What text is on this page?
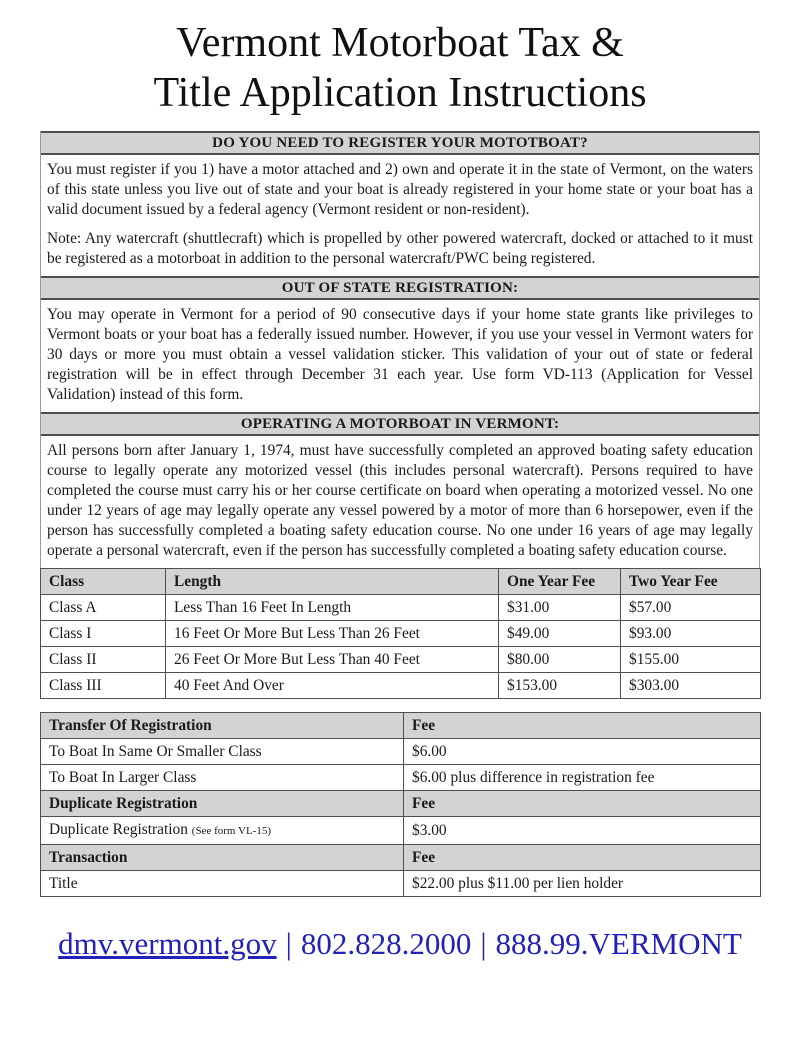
Vermont Motorboat Tax &
Title Application Instructions
DO YOU NEED TO REGISTER YOUR MOTOTBOAT?

You must register if you 1) have a motor attached and 2) own and operate it in the state of Vermont, on the waters of this state unless you live out of state and your boat is already registered in your home state or your boat has a valid document issued by a federal agency (Vermont resident or non-resident).

Note: Any watercraft (shuttlecraft) which is propelled by other powered watercraft, docked or attached to it must be registered as a motorboat in addition to the personal watercraft/PWC being registered.

OUT OF STATE REGISTRATION:

You may operate in Vermont for a period of 90 consecutive days if your home state grants like privileges to Vermont boats or your boat has a federally issued number. However, if you use your vessel in Vermont waters for 30 days or more you must obtain a vessel validation sticker. This validation of your out of state or federal registration will be in effect through December 31 each year. Use form VD-113 (Application for Vessel Validation) instead of this form.

OPERATING A MOTORBOAT IN VERMONT:

All persons born after January 1, 1974, must have successfully completed an approved boating safety education course to legally operate any motorized vessel (this includes personal watercraft). Persons required to have completed the course must carry his or her course certificate on board when operating a motorized vessel. No one under 12 years of age may legally operate any vessel powered by a motor of more than 6 horsepower, even if the person has successfully completed a boating safety education course. No one under 16 years of age may legally operate a personal watercraft, even if the person has successfully completed a boating safety education course.

Class	Length	One Year Fee	Two Year Fee
Class A	Less Than 16 Feet In Length	$31.00	$57.00
Class I	16 Feet Or More But Less Than 26 Feet	$49.00	$93.00
Class II	26 Feet Or More But Less Than 40 Feet	$80.00	$155.00
Class III	40 Feet And Over	$153.00	$303.00
Transfer Of Registration	Fee
To Boat In Same Or Smaller Class	$6.00
To Boat In Larger Class	$6.00 plus difference in registration fee
Duplicate Registration	Fee
Duplicate Registration (See form VL-15)	$3.00
Transaction	Fee
Title	$22.00 plus $11.00 per lien holder
dmv.vermont.gov | 802.828.2000 | 888.99.VERMONT
